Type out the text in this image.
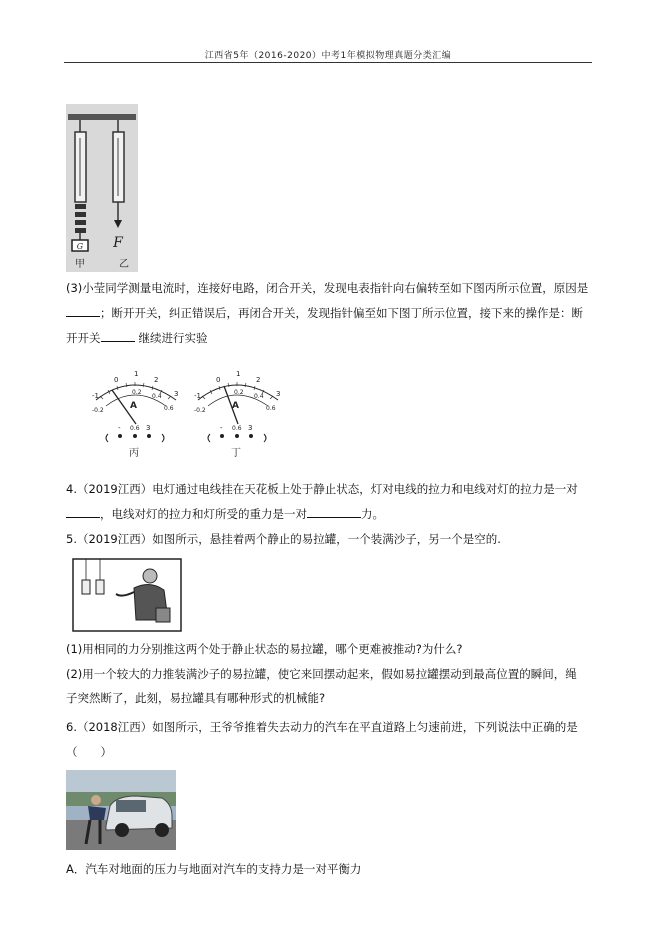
江西省5年（2016-2020）中考1年模拟物理真题分类汇编
G F
甲	乙
(3)小莹同学测量电流时，连接好电路，闭合开关，发现电表指针向右偏转至如下图丙所示位置，原因是
；断开开关，纠正错误后，再闭合开关，发现指针偏至如下图丁所示位置，接下来的操作是：断
开开关	继续进行实验
-1
0
1
2
3
-0.2
0.2
0.4
0.6
A
- 0.6 3
丙
-1
0
1
2
3
-0.2
0.2
0.4
0.6
A
- 0.6 3
丁
4.（2019江西）电灯通过电线挂在天花板上处于静止状态，灯对电线的拉力和电线对灯的拉力是一对
，电线对灯的拉力和灯所受的重力是一对	力。
5.（2019江西）如图所示，悬挂着两个静止的易拉罐，一个装满沙子，另一个是空的.
(1)用相同的力分别推这两个处于静止状态的易拉罐，哪个更难被推动?为什么?
(2)用一个较大的力推装满沙子的易拉罐，使它来回摆动起来，假如易拉罐摆动到最高位置的瞬间，绳
子突然断了，此刻，易拉罐具有哪种形式的机械能?
6.（2018江西）如图所示，王爷爷推着失去动力的汽车在平直道路上匀速前进，下列说法中正确的是
（　　）
A．汽车对地面的压力与地面对汽车的支持力是一对平衡力
